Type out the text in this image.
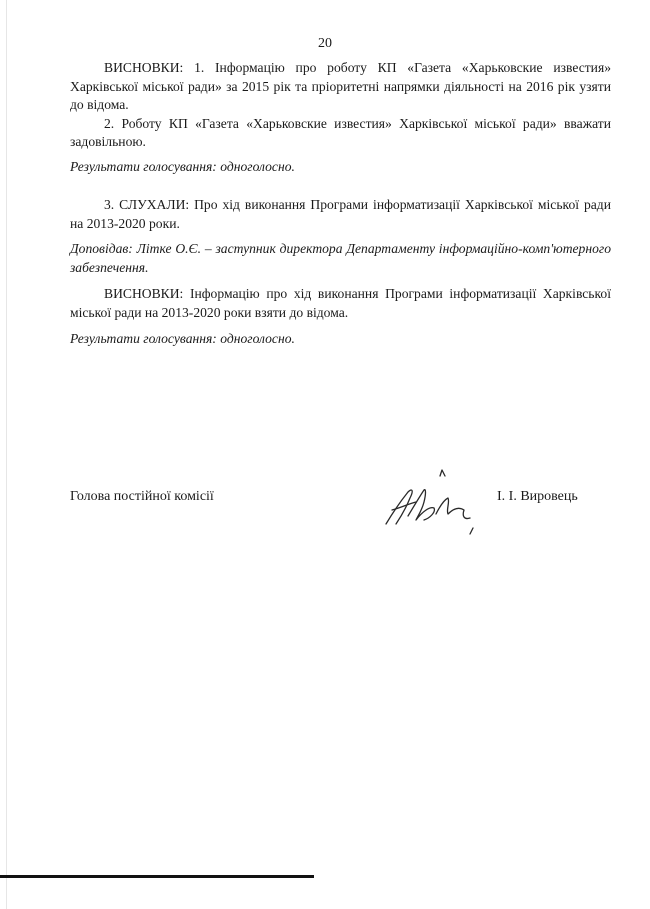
20

ВИСНОВКИ: 1. Інформацію про роботу КП «Газета «Харьковские известия» Харківської міської ради» за 2015 рік та пріоритетні напрямки діяльності на 2016 рік узяти до відома.

2. Роботу КП «Газета «Харьковские известия» Харківської міської ради» вважати задовільною.

Результати голосування: одноголосно.

3. СЛУХАЛИ: Про хід виконання Програми інформатизації Харківської міської ради на 2013-2020 роки.

Доповідав: Літке О.Є. – заступник директора Департаменту інформаційно-комп'ютерного забезпечення.

ВИСНОВКИ: Інформацію про хід виконання Програми інформатизації Харківської міської ради на 2013-2020 роки взяти до відома.

Результати голосування: одноголосно.

Голова постійної комісії	І. І. Вировець
